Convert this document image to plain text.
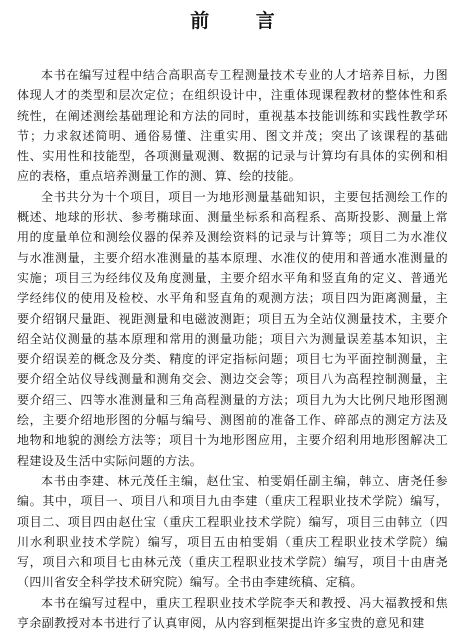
前 言

本书在编写过程中结合高职高专工程测量技术专业的人才培养目标，力图体现人才的类型和层次定位；在组织设计中，注重体现课程教材的整体性和系统性，在阐述测绘基础理论和方法的同时，重视基本技能训练和实践性教学环节；力求叙述简明、通俗易懂、注重实用、图文并茂；突出了该课程的基础性、实用性和技能型，各项测量观测、数据的记录与计算均有具体的实例和相应的表格，重点培养测量工作的测、算、绘的技能。

全书共分为十个项目，项目一为地形测量基础知识，主要包括测绘工作的概述、地球的形状、参考椭球面、测量坐标系和高程系、高斯投影、测量上常用的度量单位和测绘仪器的保养及测绘资料的记录与计算等；项目二为水准仪与水准测量，主要介绍水准测量的基本原理、水准仪的使用和普通水准测量的实施；项目三为经纬仪及角度测量，主要介绍水平角和竖直角的定义、普通光学经纬仪的使用及检校、水平角和竖直角的观测方法；项目四为距离测量，主要介绍钢尺量距、视距测量和电磁波测距；项目五为全站仪测量技术，主要介绍全站仪测量的基本原理和常用的测量功能；项目六为测量误差基本知识，主要介绍误差的概念及分类、精度的评定指标问题；项目七为平面控制测量，主要介绍全站仪导线测量和测角交会、测边交会等；项目八为高程控制测量，主要介绍三、四等水准测量和三角高程测量的方法；项目九为大比例尺地形图测绘，主要介绍地形图的分幅与编号、测图前的准备工作、碎部点的测定方法及地物和地貌的测绘方法等；项目十为地形图应用，主要介绍利用地形图解决工程建设及生活中实际问题的方法。

本书由李建、林元茂任主编，赵仕宝、柏雯娟任副主编，韩立、唐尧任参编。其中，项目一、项目八和项目九由李建（重庆工程职业技术学院）编写，项目二、项目四由赵仕宝（重庆工程职业技术学院）编写，项目三由韩立（四川水利职业技术学院）编写，项目五由柏雯娟（重庆工程职业技术学院）编写，项目六和项目七由林元茂（重庆工程职业技术学院）编写，项目十由唐尧（四川省安全科学技术研究院）编写。全书由李建统稿、定稿。

本书在编写过程中，重庆工程职业技术学院李天和教授、冯大福教授和焦亨余副教授对本书进行了认真审阅，从内容到框架提出许多宝贵的意见和建
